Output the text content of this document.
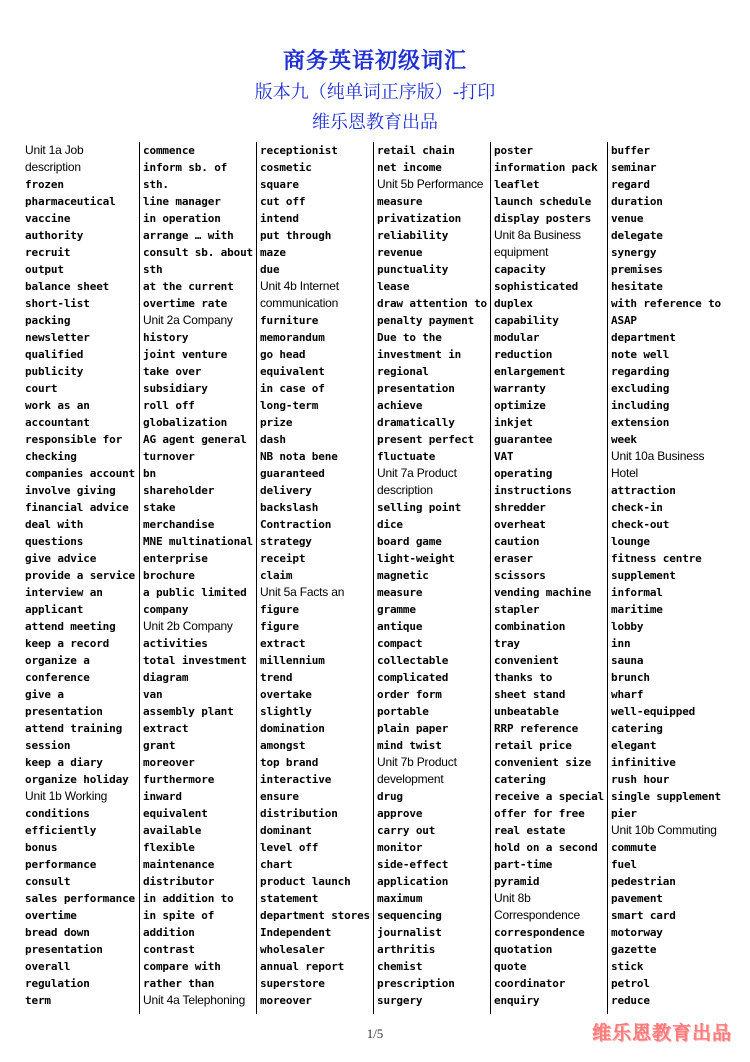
商务英语初级词汇
版本九（纯单词正序版）-打印
维乐恩教育出品
Unit 1a Job
description
frozen
pharmaceutical
vaccine
authority
recruit
output
balance sheet
short-list
packing
newsletter
qualified
publicity
court
work as an
accountant
responsible for
checking
companies account
involve giving
financial advice
deal with
questions
give advice
provide a service
interview an
applicant
attend meeting
keep a record
organize a
conference
give a
presentation
attend training
session
keep a diary
organize holiday
Unit 1b Working
conditions
efficiently
bonus
performance
consult
sales performance
overtime
bread down
presentation
overall
regulation
term
commence
inform sb. of
sth.
line manager
in operation
arrange … with
consult sb. about
sth
at the current
overtime rate
Unit 2a Company
history
joint venture
take over
subsidiary
roll off
globalization
AG agent general
turnover
bn
shareholder
stake
merchandise
MNE multinational
enterprise
brochure
a public limited
company
Unit 2b Company
activities
total investment
diagram
van
assembly plant
extract
grant
moreover
furthermore
inward
equivalent
available
flexible
maintenance
distributor
in addition to
in spite of
addition
contrast
compare with
rather than
Unit 4a Telephoning
receptionist
cosmetic
square
cut off
intend
put through
maze
due
Unit 4b Internet
communication
furniture
memorandum
go head
equivalent
in case of
long-term
prize
dash
NB nota bene
guaranteed
delivery
backslash
Contraction
strategy
receipt
claim
Unit 5a Facts an
figure
figure
extract
millennium
trend
overtake
slightly
domination
amongst
top brand
interactive
ensure
distribution
dominant
level off
chart
product launch
statement
department stores
Independent
wholesaler
annual report
superstore
moreover
retail chain
net income
Unit 5b Performance
measure
privatization
reliability
revenue
punctuality
lease
draw attention to
penalty payment
Due to the
investment in
regional
presentation
achieve
dramatically
present perfect
fluctuate
Unit 7a Product
description
selling point
dice
board game
light-weight
magnetic
measure
gramme
antique
compact
collectable
complicated
order form
portable
plain paper
mind twist
Unit 7b Product
development
drug
approve
carry out
monitor
side-effect
application
maximum
sequencing
journalist
arthritis
chemist
prescription
surgery
poster
information pack
leaflet
launch schedule
display posters
Unit 8a Business
equipment
capacity
sophisticated
duplex
capability
modular
reduction
enlargement
warranty
optimize
inkjet
guarantee
VAT
operating
instructions
shredder
overheat
caution
eraser
scissors
vending machine
stapler
combination
tray
convenient
thanks to
sheet stand
unbeatable
RRP reference
retail price
convenient size
catering
receive a special
offer for free
real estate
hold on a second
part-time
pyramid
Unit 8b
Correspondence
correspondence
quotation
quote
coordinator
enquiry
buffer
seminar
regard
duration
venue
delegate
synergy
premises
hesitate
with reference to
ASAP
department
note well
regarding
excluding
including
extension
week
Unit 10a Business
Hotel
attraction
check-in
check-out
lounge
fitness centre
supplement
informal
maritime
lobby
inn
sauna
brunch
wharf
well-equipped
catering
elegant
infinitive
rush hour
single supplement
pier
Unit 10b Commuting
commute
fuel
pedestrian
pavement
smart card
motorway
gazette
stick
petrol
reduce
1/5	维乐恩教育出品
